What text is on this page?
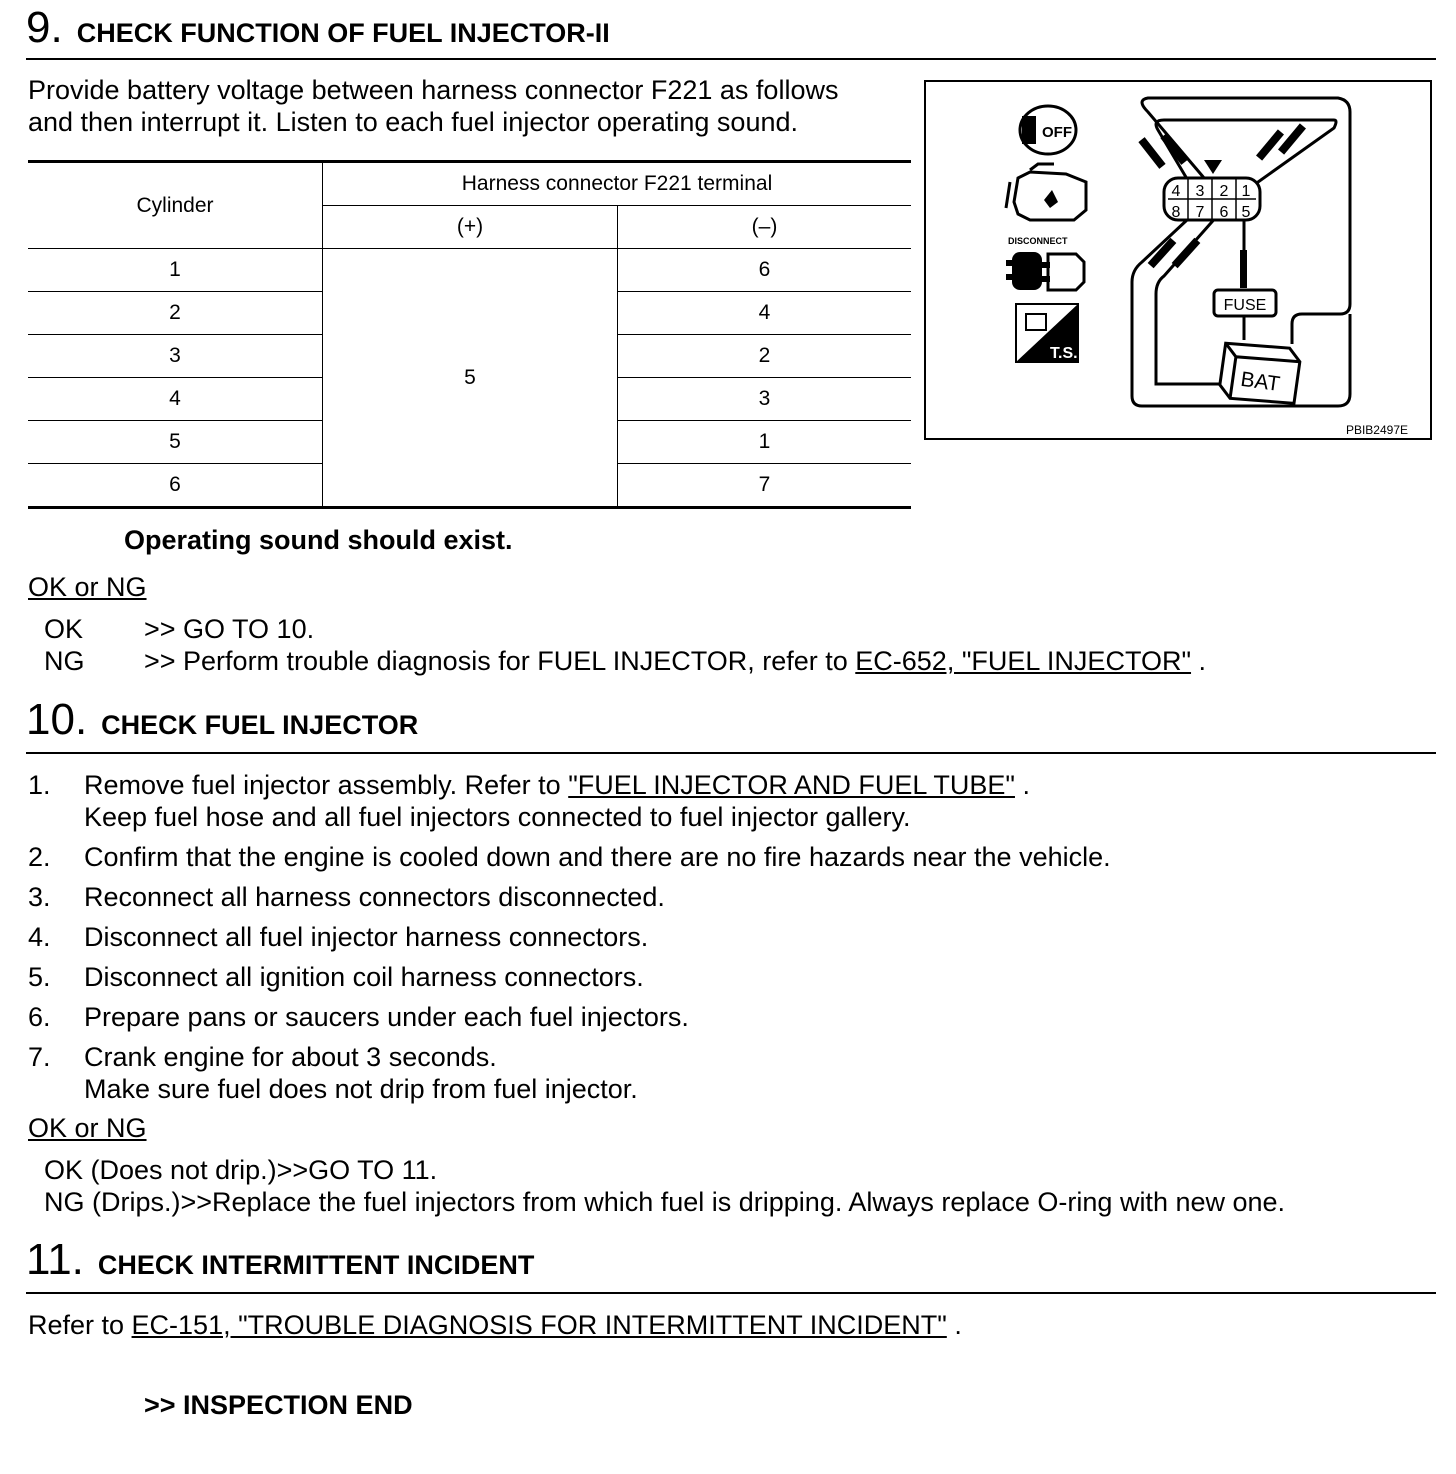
9. CHECK FUNCTION OF FUEL INJECTOR-II
Provide battery voltage between harness connector F221 as follows
and then interrupt it. Listen to each fuel injector operating sound.
Cylinder	Harness connector F221 terminal	
	(+)	(–)
1	5	6
2		4
3		2
4		3
5		1
6		7
OFF
DISCONNECT
T.S.
4 3 2 1
8 7 6 5
FUSE
BAT
PBIB2497E
Operating sound should exist.
OK or NG
OK >> GO TO 10.
NG >> Perform trouble diagnosis for FUEL INJECTOR, refer to EC-652, "FUEL INJECTOR" .
10. CHECK FUEL INJECTOR
1. Remove fuel injector assembly. Refer to "FUEL INJECTOR AND FUEL TUBE" .
Keep fuel hose and all fuel injectors connected to fuel injector gallery.
2. Confirm that the engine is cooled down and there are no fire hazards near the vehicle.
3. Reconnect all harness connectors disconnected.
4. Disconnect all fuel injector harness connectors.
5. Disconnect all ignition coil harness connectors.
6. Prepare pans or saucers under each fuel injectors.
7. Crank engine for about 3 seconds.
Make sure fuel does not drip from fuel injector.
OK or NG
OK (Does not drip.)>>GO TO 11.
NG (Drips.)>>Replace the fuel injectors from which fuel is dripping. Always replace O-ring with new one.
11. CHECK INTERMITTENT INCIDENT
Refer to EC-151, "TROUBLE DIAGNOSIS FOR INTERMITTENT INCIDENT" .
>> INSPECTION END
